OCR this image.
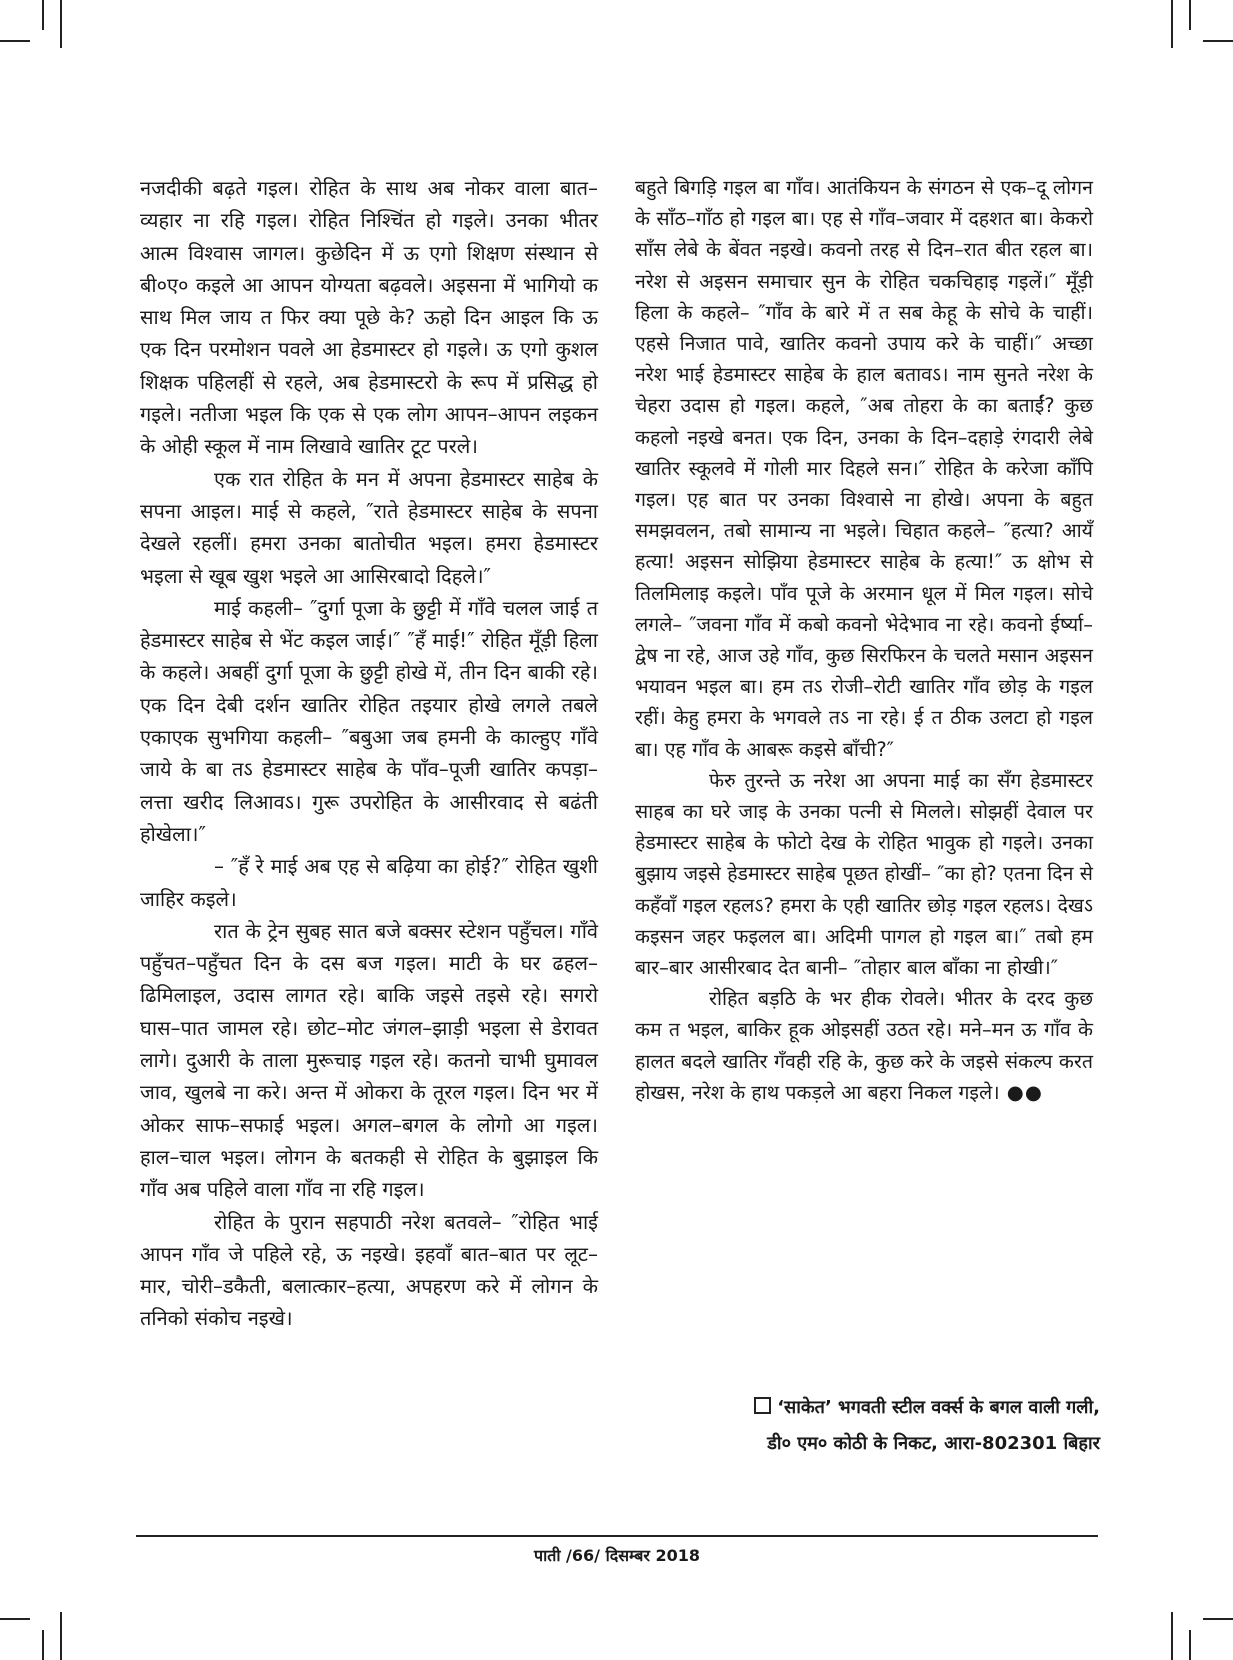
नजदीकी बढ़ते गइल। रोहित के साथ अब नोकर वाला बात–व्यहार ना रहि गइल। रोहित निश्चिंत हो गइले। उनका भीतर आत्म विश्वास जागल। कुछेदिन में ऊ एगो शिक्षण संस्थान से बी०ए० कइले आ आपन योग्यता बढ़वले। अइसना में भागियो क साथ मिल जाय त फिर क्या पूछे के? ऊहो दिन आइल कि ऊ एक दिन परमोशन पवले आ हेडमास्टर हो गइले। ऊ एगो कुशल शिक्षक पहिलहीं से रहले, अब हेडमास्टरो के रूप में प्रसिद्ध हो गइले। नतीजा भइल कि एक से एक लोग आपन–आपन लइकन के ओही स्कूल में नाम लिखावे खातिर टूट परले।

एक रात रोहित के मन में अपना हेडमास्टर साहेब के सपना आइल। माई से कहले, ″राते हेडमास्टर साहेब के सपना देखले रहलीं। हमरा उनका बातोचीत भइल। हमरा हेडमास्टर भइला से खूब खुश भइले आ आसिरबादो दिहले।″

माई कहली– ″दुर्गा पूजा के छुट्टी में गाँवे चलल जाई त हेडमास्टर साहेब से भेंट कइल जाई।″ ″हँ माई!″ रोहित मूँड़ी हिला के कहले। अबहीं दुर्गा पूजा के छुट्टी होखे में, तीन दिन बाकी रहे। एक दिन देबी दर्शन खातिर रोहित तइयार होखे लगले तबले एकाएक सुभगिया कहली– ″बबुआ जब हमनी के काल्हुए गाँवे जाये के बा तऽ हेडमास्टर साहेब के पाँव–पूजी खातिर कपड़ा–लत्ता खरीद लिआवऽ। गुरू उपरोहित के आसीरवाद से बढंती होखेला।″

– ″हँ रे माई अब एह से बढ़िया का होई?″ रोहित खुशी जाहिर कइले।

रात के ट्रेन सुबह सात बजे बक्सर स्टेशन पहुँचल। गाँवे पहुँचत–पहुँचत दिन के दस बज गइल। माटी के घर ढहल–ढिमिलाइल, उदास लागत रहे। बाकि जइसे तइसे रहे। सगरो घास–पात जामल रहे। छोट–मोट जंगल–झाड़ी भइला से डेरावत लागे। दुआरी के ताला मुरूचाइ गइल रहे। कतनो चाभी घुमावल जाव, खुलबे ना करे। अन्त में ओकरा के तूरल गइल। दिन भर में ओकर साफ–सफाई भइल। अगल–बगल के लोगो आ गइल। हाल–चाल भइल। लोगन के बतकही से रोहित के बुझाइल कि गाँव अब पहिले वाला गाँव ना रहि गइल।

रोहित के पुरान सहपाठी नरेश बतवले– ″रोहित भाई आपन गाँव जे पहिले रहे, ऊ नइखे। इहवाँ बात–बात पर लूट–मार, चोरी–डकैती, बलात्कार–हत्या, अपहरण करे में लोगन के तनिको संकोच नइखे।

बहुते बिगड़ि गइल बा गाँव। आतंकियन के संगठन से एक–दू लोगन के साँठ–गाँठ हो गइल बा। एह से गाँव–जवार में दहशत बा। केकरो साँस लेबे के बेंवत नइखे। कवनो तरह से दिन–रात बीत रहल बा। नरेश से अइसन समाचार सुन के रोहित चकचिहाइ गइलें।″ मूँड़ी हिला के कहले– ″गाँव के बारे में त सब केहू के सोचे के चाहीं। एहसे निजात पावे, खातिर कवनो उपाय करे के चाहीं।″ अच्छा नरेश भाई हेडमास्टर साहेब के हाल बतावऽ। नाम सुनते नरेश के चेहरा उदास हो गइल। कहले, ″अब तोहरा के का बताईं? कुछ कहलो नइखे बनत। एक दिन, उनका के दिन–दहाड़े रंगदारी लेबे खातिर स्कूलवे में गोली मार दिहले सन।″ रोहित के करेजा काँपि गइल। एह बात पर उनका विश्वासे ना होखे। अपना के बहुत समझवलन, तबो सामान्य ना भइले। चिहात कहले– ″हत्या? आयँ हत्या! अइसन सोझिया हेडमास्टर साहेब के हत्या!″ ऊ क्षोभ से तिलमिलाइ कइले। पाँव पूजे के अरमान धूल में मिल गइल। सोचे लगले– ″जवना गाँव में कबो कवनो भेदेभाव ना रहे। कवनो ईर्ष्या–द्वेष ना रहे, आज उहे गाँव, कुछ सिरफिरन के चलते मसान अइसन भयावन भइल बा। हम तऽ रोजी–रोटी खातिर गाँव छोड़ के गइल रहीं। केहु हमरा के भगवले तऽ ना रहे। ई त ठीक उलटा हो गइल बा। एह गाँव के आबरू कइसे बाँची?″

फेरु तुरन्ते ऊ नरेश आ अपना माई का सँग हेडमास्टर साहब का घरे जाइ के उनका पत्नी से मिलले। सोझहीं देवाल पर हेडमास्टर साहेब के फोटो देख के रोहित भावुक हो गइले। उनका बुझाय जइसे हेडमास्टर साहेब पूछत होखीं– ″का हो? एतना दिन से कहँवाँ गइल रहलऽ? हमरा के एही खातिर छोड़ गइल रहलऽ। देखऽ कइसन जहर फइलल बा। अदिमी पागल हो गइल बा।″ तबो हम बार–बार आसीरबाद देत बानी– ″तोहार बाल बाँका ना होखी।″

रोहित बड़ठि के भर हीक रोवले। भीतर के दरद कुछ कम त भइल, बाकिर हूक ओइसहीं उठत रहे। मने–मन ऊ गाँव के हालत बदले खातिर गँवही रहि के, कुछ करे के जइसे संकल्प करत होखस, नरेश के हाथ पकड़ले आ बहरा निकल गइले। ●●

‘साकेत’ भगवती स्टील वर्क्स के बगल वाली गली,
डी० एम० कोठी के निकट, आरा-802301 बिहार
पाती /66/ दिसम्बर 2018
